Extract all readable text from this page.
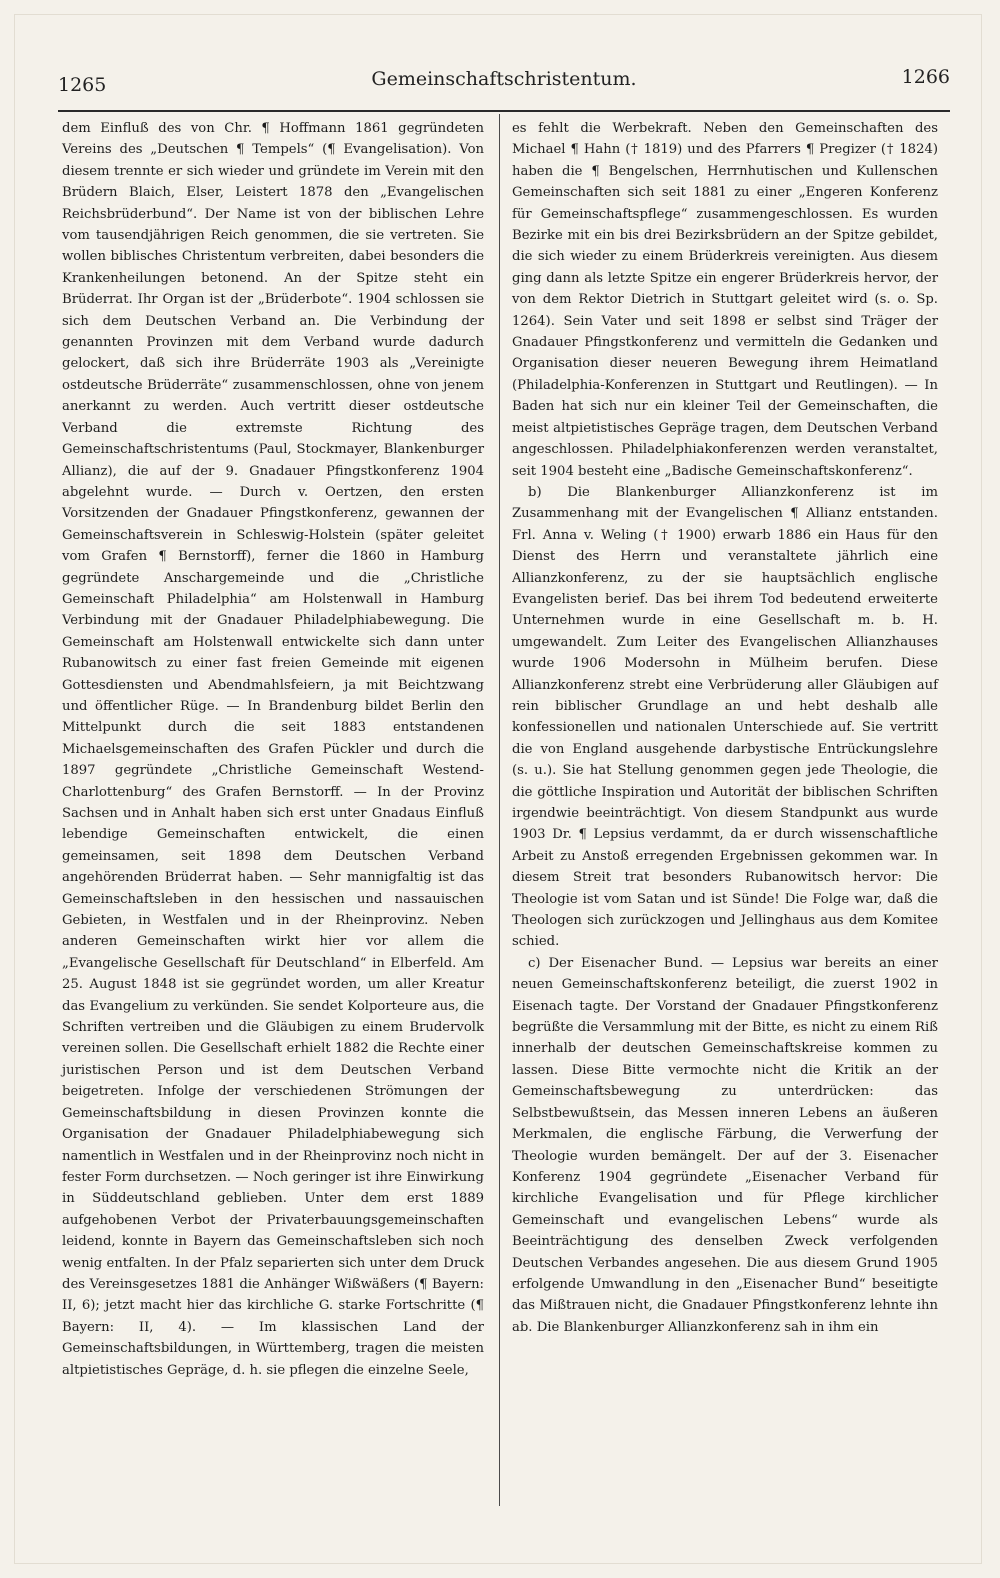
1265	Gemeinschaftschristentum.	1266

dem Einfluß des von Chr. ¶ Hoffmann 1861 gegründeten Vereins des „Deutschen ¶ Tempels“ (¶ Evangelisation). Von diesem trennte er sich wieder und gründete im Verein mit den Brüdern Blaich, Elser, Leistert 1878 den „Evangelischen Reichsbrüderbund“. Der Name ist von der biblischen Lehre vom tausendjährigen Reich genommen, die sie vertreten. Sie wollen biblisches Christentum verbreiten, dabei besonders die Krankenheilungen betonend. An der Spitze steht ein Brüderrat. Ihr Organ ist der „Brüderbote“. 1904 schlossen sie sich dem Deutschen Verband an. Die Verbindung der genannten Provinzen mit dem Verband wurde dadurch gelockert, daß sich ihre Brüderräte 1903 als „Vereinigte ostdeutsche Brüderräte“ zusammenschlossen, ohne von jenem anerkannt zu werden. Auch vertritt dieser ostdeutsche Verband die extremste Richtung des Gemeinschaftschristentums (Paul, Stockmayer, Blankenburger Allianz), die auf der 9. Gnadauer Pfingstkonferenz 1904 abgelehnt wurde. — Durch v. Oertzen, den ersten Vorsitzenden der Gnadauer Pfingstkonferenz, gewannen der Gemeinschaftsverein in Schleswig-Holstein (später geleitet vom Grafen ¶ Bernstorff), ferner die 1860 in Hamburg gegründete Anschargemeinde und die „Christliche Gemeinschaft Philadelphia“ am Holstenwall in Hamburg Verbindung mit der Gnadauer Philadelphiabewegung. Die Gemeinschaft am Holstenwall entwickelte sich dann unter Rubanowitsch zu einer fast freien Gemeinde mit eigenen Gottesdiensten und Abendmahlsfeiern, ja mit Beichtzwang und öffentlicher Rüge. — In Brandenburg bildet Berlin den Mittelpunkt durch die seit 1883 entstandenen Michaelsgemeinschaften des Grafen Pückler und durch die 1897 gegründete „Christliche Gemeinschaft Westend-Charlottenburg“ des Grafen Bernstorff. — In der Provinz Sachsen und in Anhalt haben sich erst unter Gnadaus Einfluß lebendige Gemeinschaften entwickelt, die einen gemeinsamen, seit 1898 dem Deutschen Verband angehörenden Brüderrat haben. — Sehr mannigfaltig ist das Gemeinschaftsleben in den hessischen und nassauischen Gebieten, in Westfalen und in der Rheinprovinz. Neben anderen Gemeinschaften wirkt hier vor allem die „Evangelische Gesellschaft für Deutschland“ in Elberfeld. Am 25. August 1848 ist sie gegründet worden, um aller Kreatur das Evangelium zu verkünden. Sie sendet Kolporteure aus, die Schriften vertreiben und die Gläubigen zu einem Brudervolk vereinen sollen. Die Gesellschaft erhielt 1882 die Rechte einer juristischen Person und ist dem Deutschen Verband beigetreten. Infolge der verschiedenen Strömungen der Gemeinschaftsbildung in diesen Provinzen konnte die Organisation der Gnadauer Philadelphiabewegung sich namentlich in Westfalen und in der Rheinprovinz noch nicht in fester Form durchsetzen. — Noch geringer ist ihre Einwirkung in Süddeutschland geblieben. Unter dem erst 1889 aufgehobenen Verbot der Privaterbauungsgemeinschaften leidend, konnte in Bayern das Gemeinschaftsleben sich noch wenig entfalten. In der Pfalz separierten sich unter dem Druck des Vereinsgesetzes 1881 die Anhänger Wißwäßers (¶ Bayern: II, 6); jetzt macht hier das kirchliche G. starke Fortschritte (¶ Bayern: II, 4). — Im klassischen Land der Gemeinschaftsbildungen, in Württemberg, tragen die meisten altpietistisches Gepräge, d. h. sie pflegen die einzelne Seele,

es fehlt die Werbekraft. Neben den Gemeinschaften des Michael ¶ Hahn († 1819) und des Pfarrers ¶ Pregizer († 1824) haben die ¶ Bengelschen, Herrnhutischen und Kullenschen Gemeinschaften sich seit 1881 zu einer „Engeren Konferenz für Gemeinschaftspflege“ zusammengeschlossen. Es wurden Bezirke mit ein bis drei Bezirksbrüdern an der Spitze gebildet, die sich wieder zu einem Brüderkreis vereinigten. Aus diesem ging dann als letzte Spitze ein engerer Brüderkreis hervor, der von dem Rektor Dietrich in Stuttgart geleitet wird (s. o. Sp. 1264). Sein Vater und seit 1898 er selbst sind Träger der Gnadauer Pfingstkonferenz und vermitteln die Gedanken und Organisation dieser neueren Bewegung ihrem Heimatland (Philadelphia-Konferenzen in Stuttgart und Reutlingen). — In Baden hat sich nur ein kleiner Teil der Gemeinschaften, die meist altpietistisches Gepräge tragen, dem Deutschen Verband angeschlossen. Philadelphiakonferenzen werden veranstaltet, seit 1904 besteht eine „Badische Gemeinschaftskonferenz“.

b) Die Blankenburger Allianzkonferenz ist im Zusammenhang mit der Evangelischen ¶ Allianz entstanden. Frl. Anna v. Weling († 1900) erwarb 1886 ein Haus für den Dienst des Herrn und veranstaltete jährlich eine Allianzkonferenz, zu der sie hauptsächlich englische Evangelisten berief. Das bei ihrem Tod bedeutend erweiterte Unternehmen wurde in eine Gesellschaft m. b. H. umgewandelt. Zum Leiter des Evangelischen Allianzhauses wurde 1906 Modersohn in Mülheim berufen. Diese Allianzkonferenz strebt eine Verbrüderung aller Gläubigen auf rein biblischer Grundlage an und hebt deshalb alle konfessionellen und nationalen Unterschiede auf. Sie vertritt die von England ausgehende darbystische Entrückungslehre (s. u.). Sie hat Stellung genommen gegen jede Theologie, die die göttliche Inspiration und Autorität der biblischen Schriften irgendwie beeinträchtigt. Von diesem Standpunkt aus wurde 1903 Dr. ¶ Lepsius verdammt, da er durch wissenschaftliche Arbeit zu Anstoß erregenden Ergebnissen gekommen war. In diesem Streit trat besonders Rubanowitsch hervor: Die Theologie ist vom Satan und ist Sünde! Die Folge war, daß die Theologen sich zurückzogen und Jellinghaus aus dem Komitee schied.

c) Der Eisenacher Bund. — Lepsius war bereits an einer neuen Gemeinschaftskonferenz beteiligt, die zuerst 1902 in Eisenach tagte. Der Vorstand der Gnadauer Pfingstkonferenz begrüßte die Versammlung mit der Bitte, es nicht zu einem Riß innerhalb der deutschen Gemeinschaftskreise kommen zu lassen. Diese Bitte vermochte nicht die Kritik an der Gemeinschaftsbewegung zu unterdrücken: das Selbstbewußtsein, das Messen inneren Lebens an äußeren Merkmalen, die englische Färbung, die Verwerfung der Theologie wurden bemängelt. Der auf der 3. Eisenacher Konferenz 1904 gegründete „Eisenacher Verband für kirchliche Evangelisation und für Pflege kirchlicher Gemeinschaft und evangelischen Lebens“ wurde als Beeinträchtigung des denselben Zweck verfolgenden Deutschen Verbandes angesehen. Die aus diesem Grund 1905 erfolgende Umwandlung in den „Eisenacher Bund“ beseitigte das Mißtrauen nicht, die Gnadauer Pfingstkonferenz lehnte ihn ab. Die Blankenburger Allianzkonferenz sah in ihm ein
